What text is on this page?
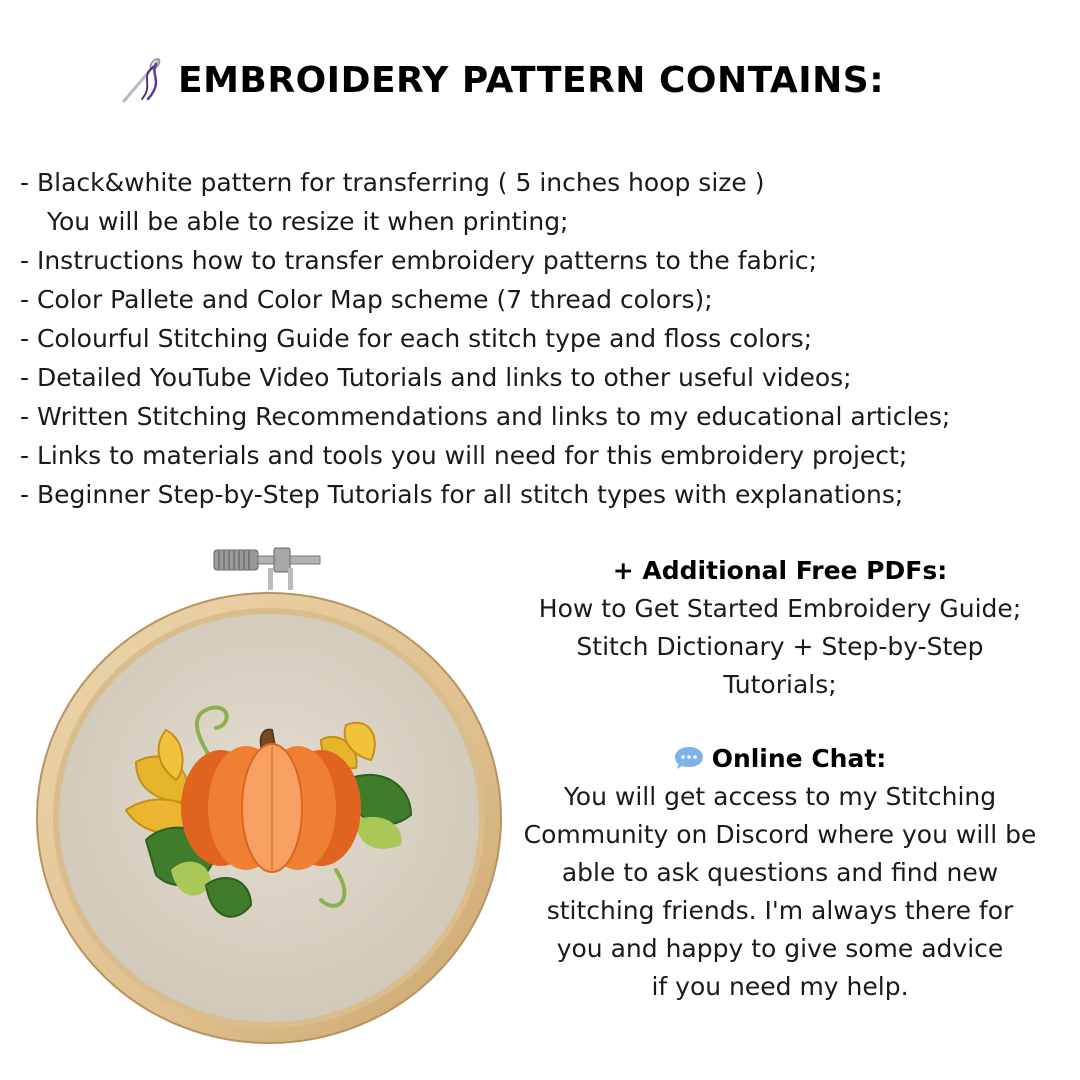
EMBROIDERY PATTERN CONTAINS:
- Black&white pattern for transferring ( 5 inches hoop size )
You will be able to resize it when printing;
- Instructions how to transfer embroidery patterns to the fabric;
- Color Pallete and Color Map scheme (7 thread colors);
- Colourful Stitching Guide for each stitch type and floss colors;
- Detailed YouTube Video Tutorials and links to other useful videos;
- Written Stitching Recommendations and links to my educational articles;
- Links to materials and tools you will need for this embroidery project;
- Beginner Step-by-Step Tutorials for all stitch types with explanations;
+ Additional Free PDFs:
How to Get Started Embroidery Guide;
Stitch Dictionary + Step-by-Step
Tutorials;
Online Chat:
You will get access to my Stitching
Community on Discord where you will be
able to ask questions and find new
stitching friends. I'm always there for
you and happy to give some advice
if you need my help.
